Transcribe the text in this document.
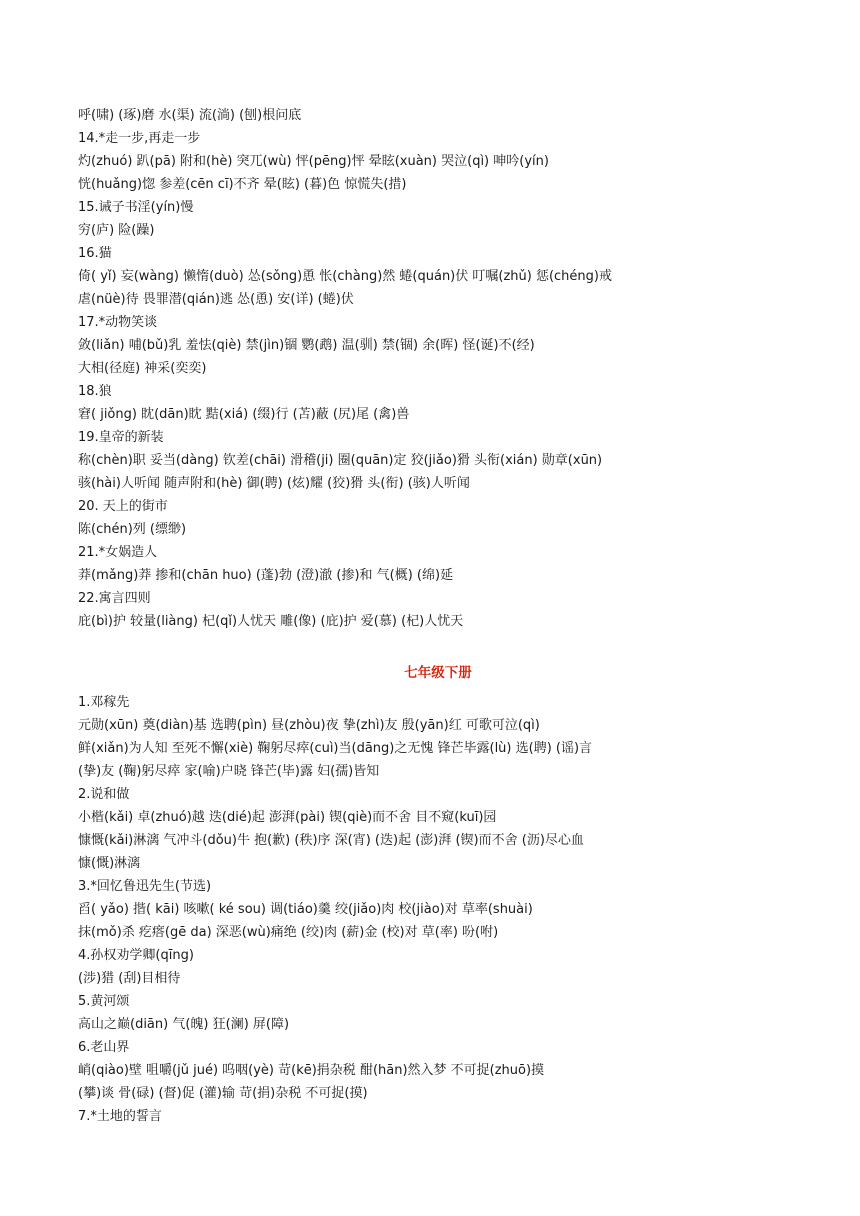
呼(啸) (琢)磨 水(渠) 流(淌) (刨)根问底
14.*走一步,再走一步
灼(zhuó) 趴(pā) 附和(hè) 突兀(wù) 怦(pēng)怦 晕眩(xuàn) 哭泣(qì) 呻吟(yín)
恍(huǎng)惚 参差(cēn cī)不齐 晕(眩) (暮)色 惊慌失(措)
15.诫子书淫(yín)慢
穷(庐) 险(躁)
16.猫
倚( yǐ) 妄(wàng) 懒惰(duò) 怂(sǒng)恿 怅(chàng)然 蜷(quán)伏 叮嘱(zhǔ) 惩(chéng)戒
虐(nüè)待 畏罪潜(qián)逃 怂(恿) 安(详) (蜷)伏
17.*动物笑谈
敛(liǎn) 哺(bǔ)乳 羞怯(qiè) 禁(jìn)锢 鹦(鹉) 温(驯) 禁(锢) 余(晖) 怪(诞)不(经)
大相(径庭) 神采(奕奕)
18.狼
窘( jiǒng) 眈(dān)眈 黠(xiá) (缀)行 (苫)蔽 (尻)尾 (禽)兽
19.皇帝的新装
称(chèn)职 妥当(dàng) 钦差(chāi) 滑稽(ji) 圈(quān)定 狡(jiǎo)猾 头衔(xián) 勋章(xūn)
骇(hài)人听闻 随声附和(hè) 御(聘) (炫)耀 (狡)猾 头(衔) (骇)人听闻
20. 天上的街市
陈(chén)列 (缥缈)
21.*女娲造人
莽(mǎng)莽 掺和(chān huo) (蓬)勃 (澄)澈 (掺)和 气(概) (绵)延
22.寓言四则
庇(bì)护 较量(liàng) 杞(qǐ)人忧天 雕(像) (庇)护 爱(慕) (杞)人忧天
七年级下册
1.邓稼先
元勋(xūn) 奠(diàn)基 选聘(pìn) 昼(zhòu)夜 挚(zhì)友 殷(yān)红 可歌可泣(qì)
鲜(xiǎn)为人知 至死不懈(xiè) 鞠躬尽瘁(cuì)当(dāng)之无愧 锋芒毕露(lù) 选(聘) (谣)言
(挚)友 (鞠)躬尽瘁 家(喻)户晓 锋芒(毕)露 妇(孺)皆知
2.说和做
小楷(kǎi) 卓(zhuó)越 迭(dié)起 澎湃(pài) 锲(qiè)而不舍 目不窥(kuī)园
慷慨(kǎi)淋漓 气冲斗(dǒu)牛 抱(歉) (秩)序 深(宵) (迭)起 (澎)湃 (锲)而不舍 (沥)尽心血
慷(慨)淋漓
3.*回忆鲁迅先生(节选)
舀( yǎo) 揩( kāi) 咳嗽( ké sou) 调(tiáo)羹 绞(jiǎo)肉 校(jiào)对 草率(shuài)
抹(mǒ)杀 疙瘩(gē da) 深恶(wù)痛绝 (绞)肉 (薪)金 (校)对 草(率) 吩(咐)
4.孙权劝学卿(qīng)
(涉)猎 (刮)目相待
5.黄河颂
高山之巅(diān) 气(魄) 狂(澜) 屏(障)
6.老山界
峭(qiào)壁 咀嚼(jǔ jué) 呜咽(yè) 苛(kē)捐杂税 酣(hān)然入梦 不可捉(zhuō)摸
(攀)谈 骨(碌) (督)促 (灌)输 苛(捐)杂税 不可捉(摸)
7.*土地的誓言
